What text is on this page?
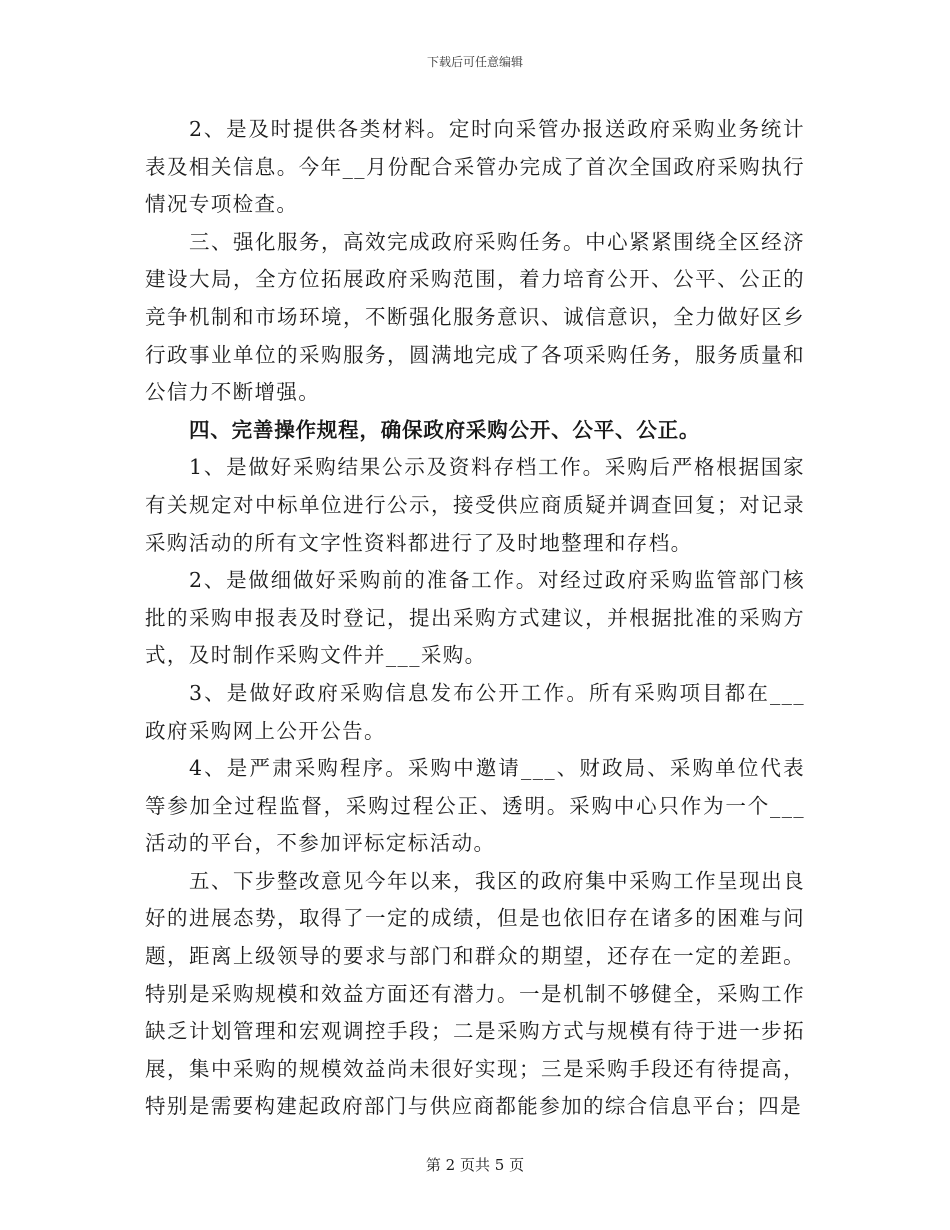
下载后可任意编辑

2、是及时提供各类材料。定时向采管办报送政府采购业务统计表及相关信息。今年__月份配合采管办完成了首次全国政府采购执行情况专项检查。

三、强化服务，高效完成政府采购任务。中心紧紧围绕全区经济建设大局，全方位拓展政府采购范围，着力培育公开、公平、公正的竞争机制和市场环境，不断强化服务意识、诚信意识，全力做好区乡行政事业单位的采购服务，圆满地完成了各项采购任务，服务质量和公信力不断增强。

四、完善操作规程，确保政府采购公开、公平、公正。

1、是做好采购结果公示及资料存档工作。采购后严格根据国家有关规定对中标单位进行公示，接受供应商质疑并调查回复；对记录采购活动的所有文字性资料都进行了及时地整理和存档。

2、是做细做好采购前的准备工作。对经过政府采购监管部门核批的采购申报表及时登记，提出采购方式建议，并根据批准的采购方式，及时制作采购文件并___采购。

3、是做好政府采购信息发布公开工作。所有采购项目都在___政府采购网上公开公告。

4、是严肃采购程序。采购中邀请___、财政局、采购单位代表等参加全过程监督，采购过程公正、透明。采购中心只作为一个___活动的平台，不参加评标定标活动。

五、下步整改意见今年以来，我区的政府集中采购工作呈现出良好的进展态势，取得了一定的成绩，但是也依旧存在诸多的困难与问题，距离上级领导的要求与部门和群众的期望，还存在一定的差距。特别是采购规模和效益方面还有潜力。一是机制不够健全，采购工作缺乏计划管理和宏观调控手段；二是采购方式与规模有待于进一步拓展，集中采购的规模效益尚未很好实现；三是采购手段还有待提高，特别是需要构建起政府部门与供应商都能参加的综合信息平台；四是

第 2 页共 5 页
